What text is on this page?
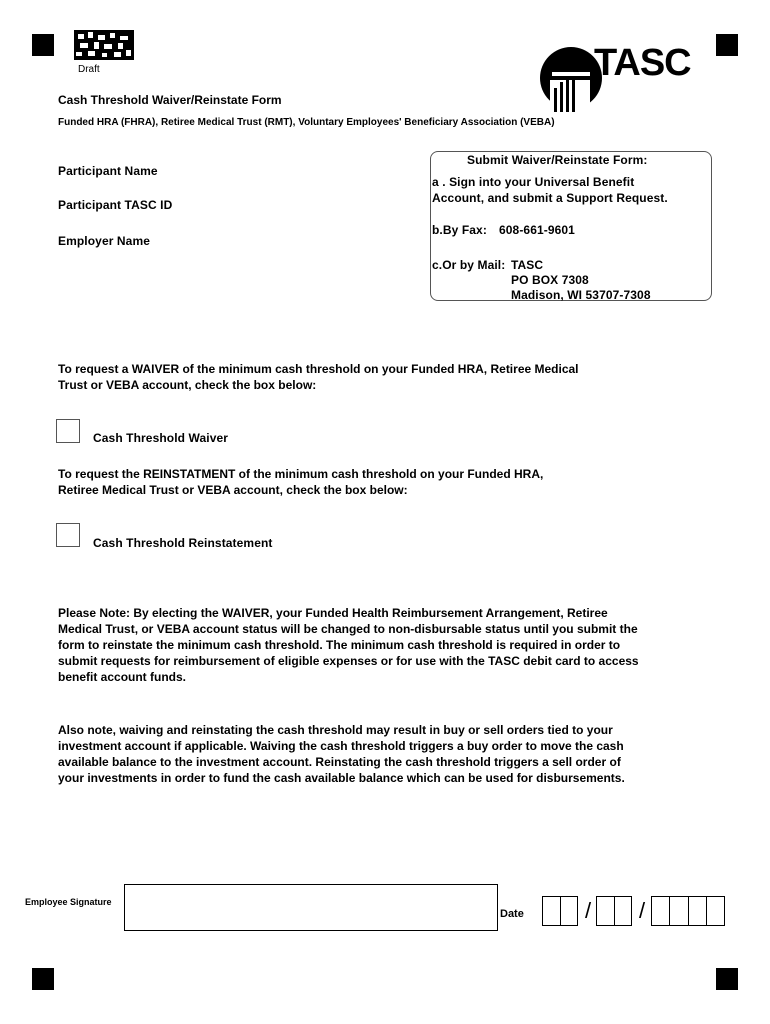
Draft	TASC
Cash Threshold Waiver/Reinstate Form
Funded HRA (FHRA), Retiree Medical Trust (RMT), Voluntary Employees' Beneficiary Association (VEBA)
Participant Name
Participant TASC ID
Employer Name
Submit Waiver/Reinstate Form:
a . Sign into your Universal Benefit
Account, and submit a Support Request.
b.By Fax: 608-661-9601
c.Or by Mail: TASC
PO BOX 7308
Madison, WI 53707-7308
To request a WAIVER of the minimum cash threshold on your Funded HRA, Retiree Medical
Trust or VEBA account, check the box below:
Cash Threshold Waiver
To request the REINSTATMENT of the minimum cash threshold on your Funded HRA,
Retiree Medical Trust or VEBA account, check the box below:
Cash Threshold Reinstatement
Please Note: By electing the WAIVER, your Funded Health Reimbursement Arrangement, Retiree
Medical Trust, or VEBA account status will be changed to non-disbursable status until you submit the
form to reinstate the minimum cash threshold. The minimum cash threshold is required in order to
submit requests for reimbursement of eligible expenses or for use with the TASC debit card to access
benefit account funds.
Also note, waiving and reinstating the cash threshold may result in buy or sell orders tied to your
investment account if applicable. Waiving the cash threshold triggers a buy order to move the cash
available balance to the investment account. Reinstating the cash threshold triggers a sell order of
your investments in order to fund the cash available balance which can be used for disbursements.
Employee Signature
Date	/ /
